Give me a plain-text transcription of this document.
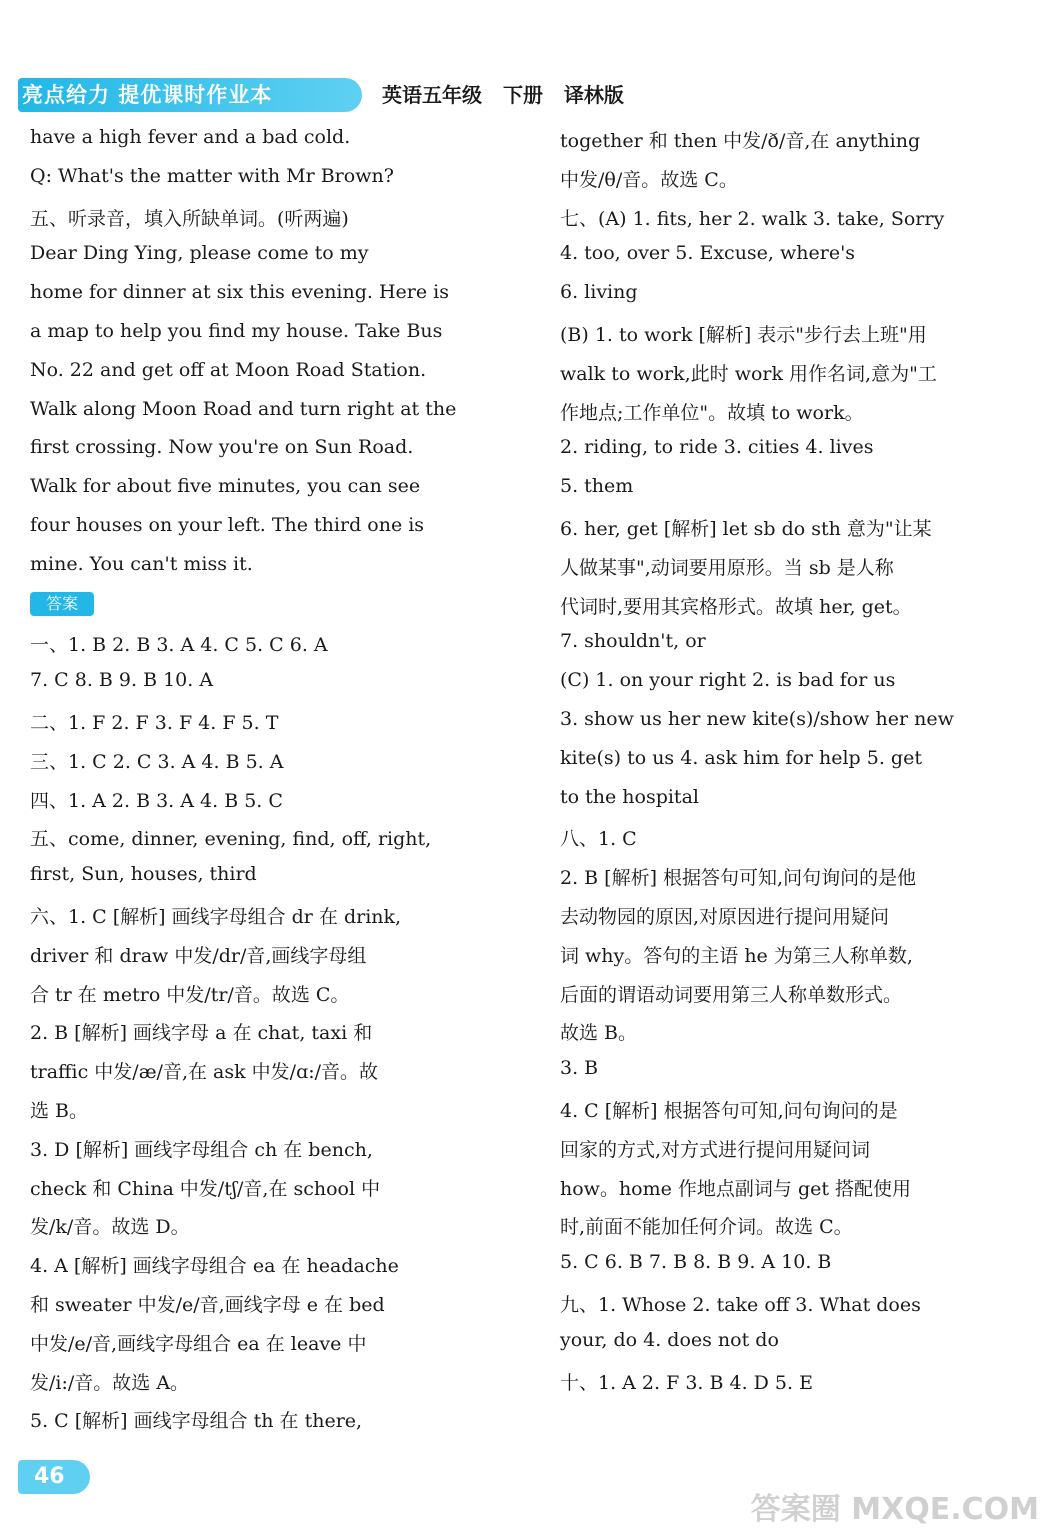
亮点给力 提优课时作业本	英语五年级 下册 译林版
have a high fever and a bad cold.
Q: What's the matter with Mr Brown?
五、听录音，填入所缺单词。(听两遍)
Dear Ding Ying, please come to my
home for dinner at six this evening. Here is
a map to help you find my house. Take Bus
No. 22 and get off at Moon Road Station.
Walk along Moon Road and turn right at the
first crossing. Now you're on Sun Road.
Walk for about five minutes, you can see
four houses on your left. The third one is
mine. You can't miss it.
答案
一、1. B 2. B 3. A 4. C 5. C 6. A
7. C 8. B 9. B 10. A
二、1. F 2. F 3. F 4. F 5. T
三、1. C 2. C 3. A 4. B 5. A
四、1. A 2. B 3. A 4. B 5. C
五、come, dinner, evening, find, off, right,
first, Sun, houses, third
六、1. C [解析] 画线字母组合 dr 在 drink,
driver 和 draw 中发/dr/音,画线字母组
合 tr 在 metro 中发/tr/音。故选 C。
2. B [解析] 画线字母 a 在 chat, taxi 和
traffic 中发/æ/音,在 ask 中发/ɑ:/音。故
选 B。
3. D [解析] 画线字母组合 ch 在 bench,
check 和 China 中发/tʃ/音,在 school 中
发/k/音。故选 D。
4. A [解析] 画线字母组合 ea 在 headache
和 sweater 中发/e/音,画线字母 e 在 bed
中发/e/音,画线字母组合 ea 在 leave 中
发/i:/音。故选 A。
5. C [解析] 画线字母组合 th 在 there,
together 和 then 中发/ð/音,在 anything
中发/θ/音。故选 C。
七、(A) 1. fits, her 2. walk 3. take, Sorry
4. too, over 5. Excuse, where's
6. living
(B) 1. to work [解析] 表示"步行去上班"用
walk to work,此时 work 用作名词,意为"工
作地点;工作单位"。故填 to work。
2. riding, to ride 3. cities 4. lives
5. them
6. her, get [解析] let sb do sth 意为"让某
人做某事",动词要用原形。当 sb 是人称
代词时,要用其宾格形式。故填 her, get。
7. shouldn't, or
(C) 1. on your right 2. is bad for us
3. show us her new kite(s)/show her new
kite(s) to us 4. ask him for help 5. get
to the hospital
八、1. C
2. B [解析] 根据答句可知,问句询问的是他
去动物园的原因,对原因进行提问用疑问
词 why。答句的主语 he 为第三人称单数,
后面的谓语动词要用第三人称单数形式。
故选 B。
3. B
4. C [解析] 根据答句可知,问句询问的是
回家的方式,对方式进行提问用疑问词
how。home 作地点副词与 get 搭配使用
时,前面不能加任何介词。故选 C。
5. C 6. B 7. B 8. B 9. A 10. B
九、1. Whose 2. take off 3. What does
your, do 4. does not do
十、1. A 2. F 3. B 4. D 5. E
46
答案圈 MXQE.COM
